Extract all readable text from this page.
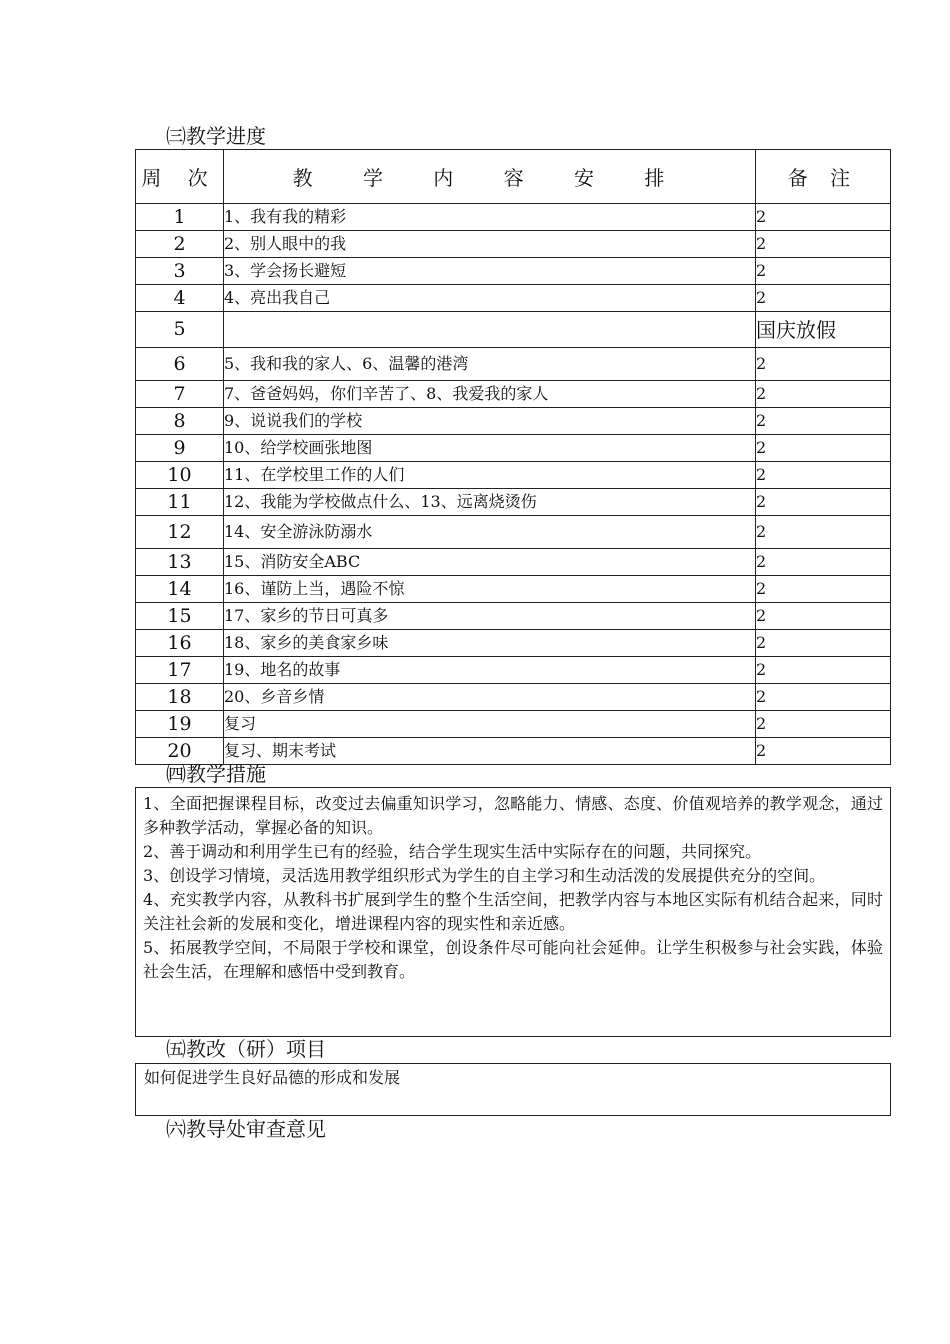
㈢教学进度
周 次	教 学 内 容 安 排	备 注
1	1、我有我的精彩	2
2	2、别人眼中的我	2
3	3、学会扬长避短	2
4	4、亮出我自己	2
5		国庆放假
6	5、我和我的家人、6、温馨的港湾	2
7	7、爸爸妈妈，你们辛苦了、8、我爱我的家人	2
8	9、说说我们的学校	2
9	10、给学校画张地图	2
10	11、在学校里工作的人们	2
11	12、我能为学校做点什么、13、远离烧烫伤	2
12	14、安全游泳防溺水	2
13	15、消防安全ABC	2
14	16、谨防上当，遇险不惊	2
15	17、家乡的节日可真多	2
16	18、家乡的美食家乡味	2
17	19、地名的故事	2
18	20、乡音乡情	2
19	复习	2
20	复习、期末考试	2
㈣教学措施

1、全面把握课程目标，改变过去偏重知识学习，忽略能力、情感、态度、价值观培养的教学观念，通过多种教学活动，掌握必备的知识。

2、善于调动和利用学生已有的经验，结合学生现实生活中实际存在的问题，共同探究。

3、创设学习情境，灵活选用教学组织形式为学生的自主学习和生动活泼的发展提供充分的空间。

4、充实教学内容，从教科书扩展到学生的整个生活空间，把教学内容与本地区实际有机结合起来，同时关注社会新的发展和变化，增进课程内容的现实性和亲近感。

5、拓展教学空间，不局限于学校和课堂，创设条件尽可能向社会延伸。让学生积极参与社会实践，体验社会生活，在理解和感悟中受到教育。

㈤教改（研）项目
如何促进学生良好品德的形成和发展
㈥教导处审查意见
